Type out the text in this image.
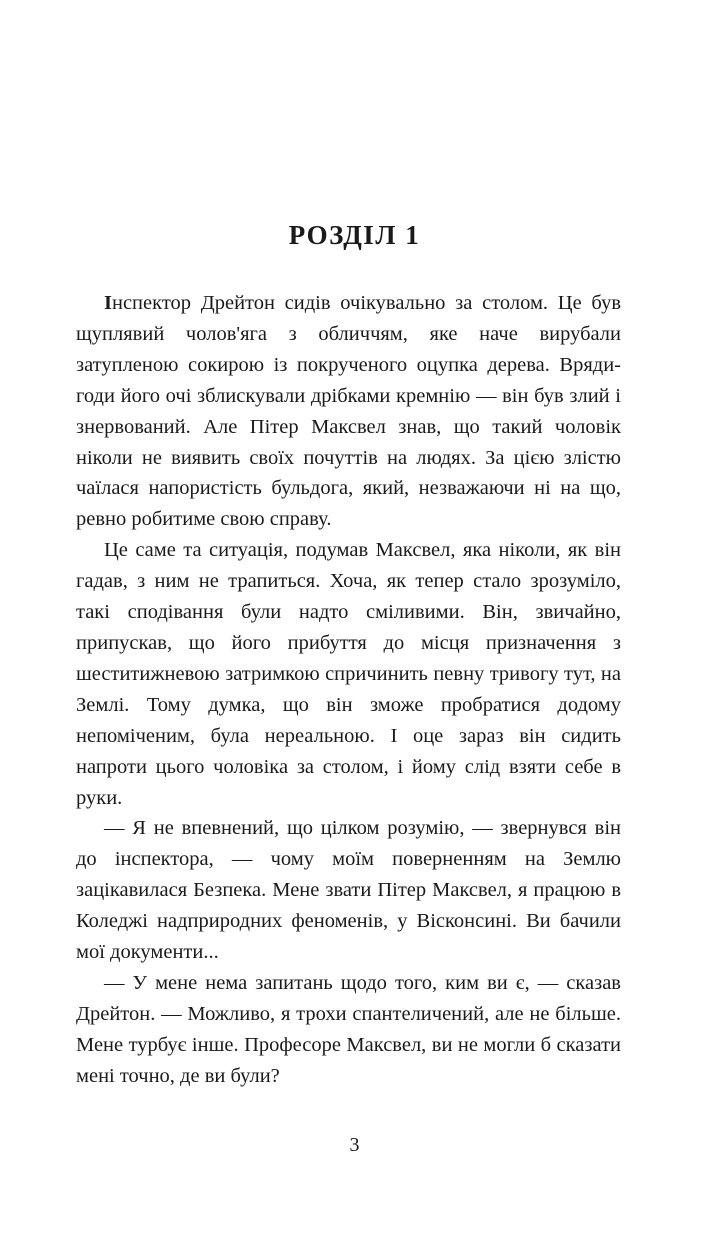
РОЗДІЛ 1

Інспектор Дрейтон сидів очікувально за столом. Це був щуплявий чолов'яга з обличчям, яке наче вирубали затупленою сокирою із покрученого оцупка дерева. Вряди-годи його очі зблискували дрібками кремнію — він був злий і знервований. Але Пітер Максвел знав, що такий чоловік ніколи не виявить своїх почуттів на людях. За цією злістю чаїлася напористість бульдога, який, незважаючи ні на що, ревно робитиме свою справу.

Це саме та ситуація, подумав Максвел, яка ніколи, як він гадав, з ним не трапиться. Хоча, як тепер стало зрозуміло, такі сподівання були надто сміливими. Він, звичайно, припускав, що його прибуття до місця призначення з шеститижневою затримкою спричинить певну тривогу тут, на Землі. Тому думка, що він зможе пробратися додому непоміченим, була нереальною. І оце зараз він сидить напроти цього чоловіка за столом, і йому слід взяти себе в руки.

— Я не впевнений, що цілком розумію, — звернувся він до інспектора, — чому моїм поверненням на Землю зацікавилася Безпека. Мене звати Пітер Максвел, я працюю в Коледжі надприродних феноменів, у Вісконсині. Ви бачили мої документи...

— У мене нема запитань щодо того, ким ви є, — сказав Дрейтон. — Можливо, я трохи спантеличений, але не більше. Мене турбує інше. Професоре Максвел, ви не могли б сказати мені точно, де ви були?

3
